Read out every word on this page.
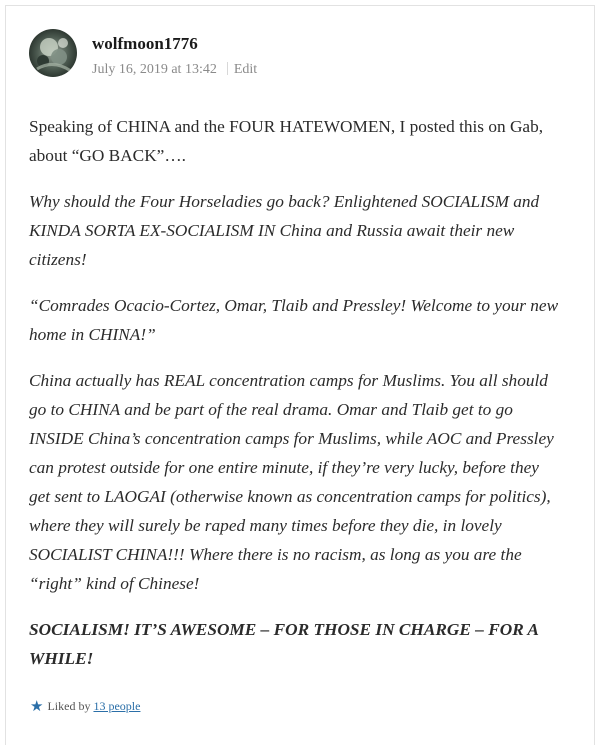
wolfmoon1776
July 16, 2019 at 13:42 Edit

Speaking of CHINA and the FOUR HATEWOMEN, I posted this on Gab, about “GO BACK”….

Why should the Four Horseladies go back? Enlightened SOCIALISM and KINDA SORTA EX-SOCIALISM IN China and Russia await their new citizens!

“Comrades Ocacio-Cortez, Omar, Tlaib and Pressley! Welcome to your new home in CHINA!”

China actually has REAL concentration camps for Muslims. You all should go to CHINA and be part of the real drama. Omar and Tlaib get to go INSIDE China’s concentration camps for Muslims, while AOC and Pressley can protest outside for one entire minute, if they’re very lucky, before they get sent to LAOGAI (otherwise known as concentration camps for politics), where they will surely be raped many times before they die, in lovely SOCIALIST CHINA!!! Where there is no racism, as long as you are the “right” kind of Chinese!

SOCIALISM! IT’S AWESOME – FOR THOSE IN CHARGE – FOR A WHILE!

★ Liked by 13 people
